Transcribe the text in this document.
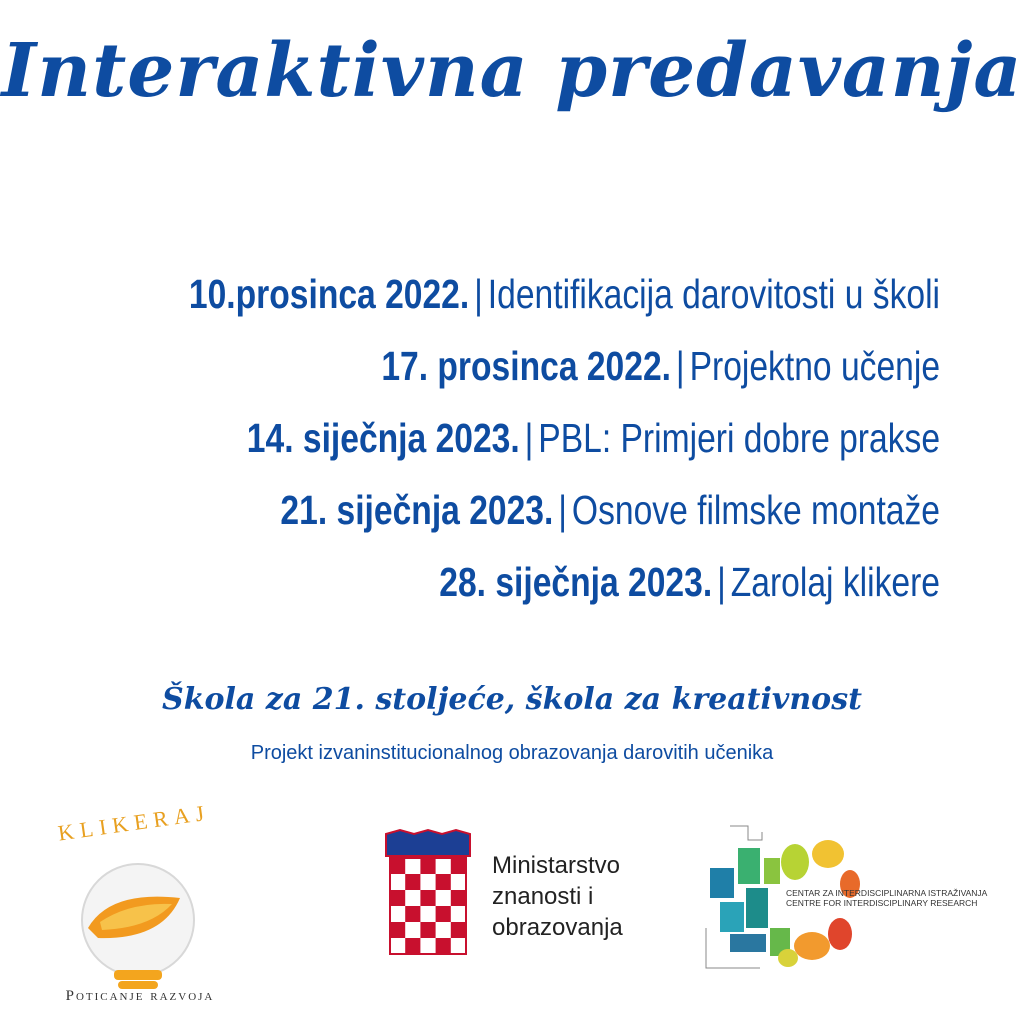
Interaktivna predavanja
10.prosinca 2022. | Identifikacija darovitosti u školi
17. prosinca 2022. | Projektno učenje
14. siječnja 2023. | PBL: Primjeri dobre prakse
21. siječnja 2023. | Osnove filmske montaže
28. siječnja 2023. | Zarolaj klikere
Škola za 21. stoljeće, škola za kreativnost
Projekt izvaninstitucionalnog obrazovanja darovitih učenika
KLIKERAJ
Poticanje razvoja
Ministarstvo znanosti i obrazovanja
CENTAR ZA INTERDISCIPLINARNA ISTRAŽIVANJA
CENTRE FOR INTERDISCIPLINARY RESEARCH
